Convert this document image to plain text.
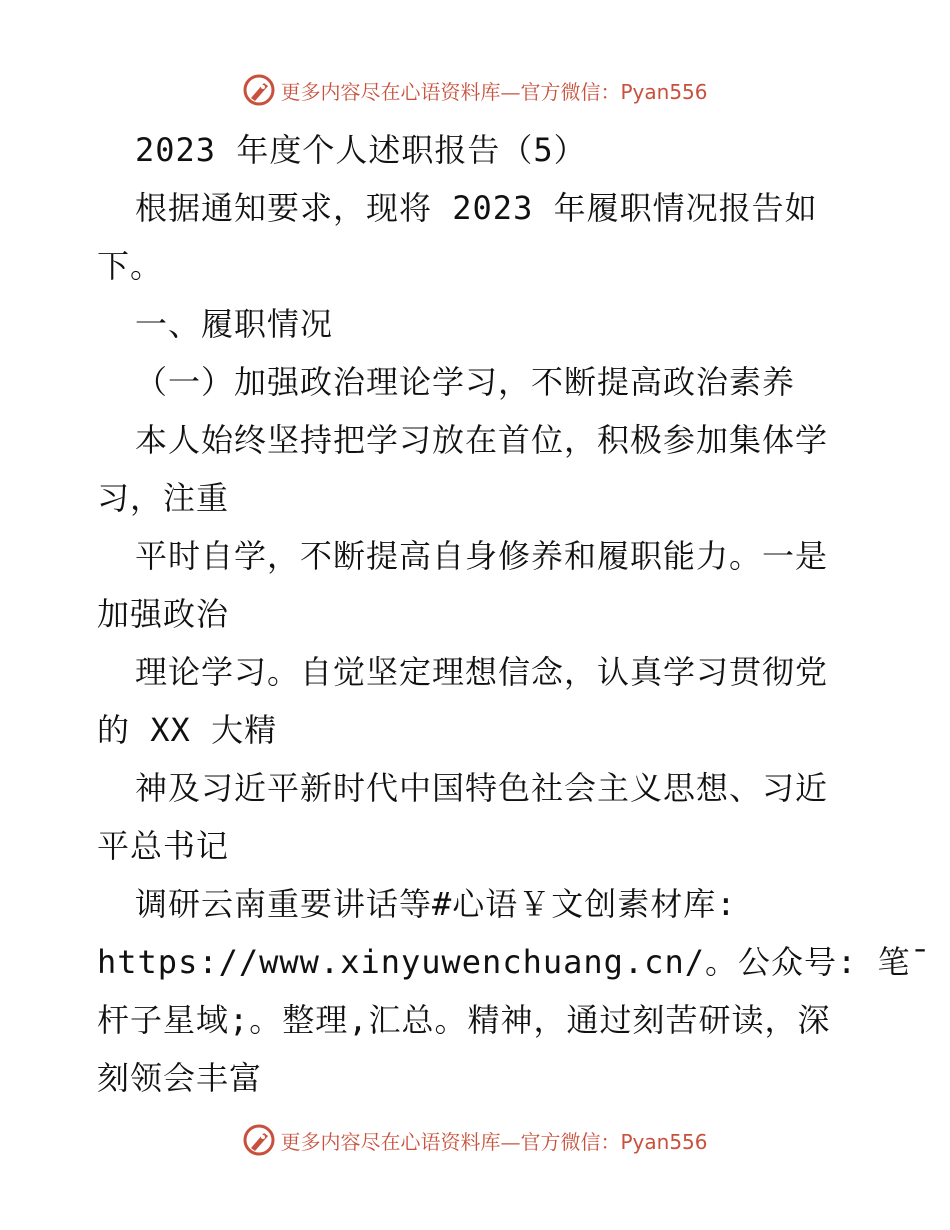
更多内容尽在心语资料库—官方微信：Pyan556
2023 年度个人述职报告（5）
根据通知要求，现将 2023 年履职情况报告如
下。
一、履职情况
（一）加强政治理论学习，不断提高政治素养
本人始终坚持把学习放在首位，积极参加集体学
习，注重
平时自学，不断提高自身修养和履职能力。一是
加强政治
理论学习。自觉坚定理想信念，认真学习贯彻党
的 XX 大精
神及习近平新时代中国特色社会主义思想、习近
平总书记
调研云南重要讲话等#心语￥文创素材库:
https://www.xinyuwenchuang.cn/。公众号: 笔¯
杆子星域;。整理,汇总。精神，通过刻苦研读，深
刻领会丰富
更多内容尽在心语资料库—官方微信：Pyan556
